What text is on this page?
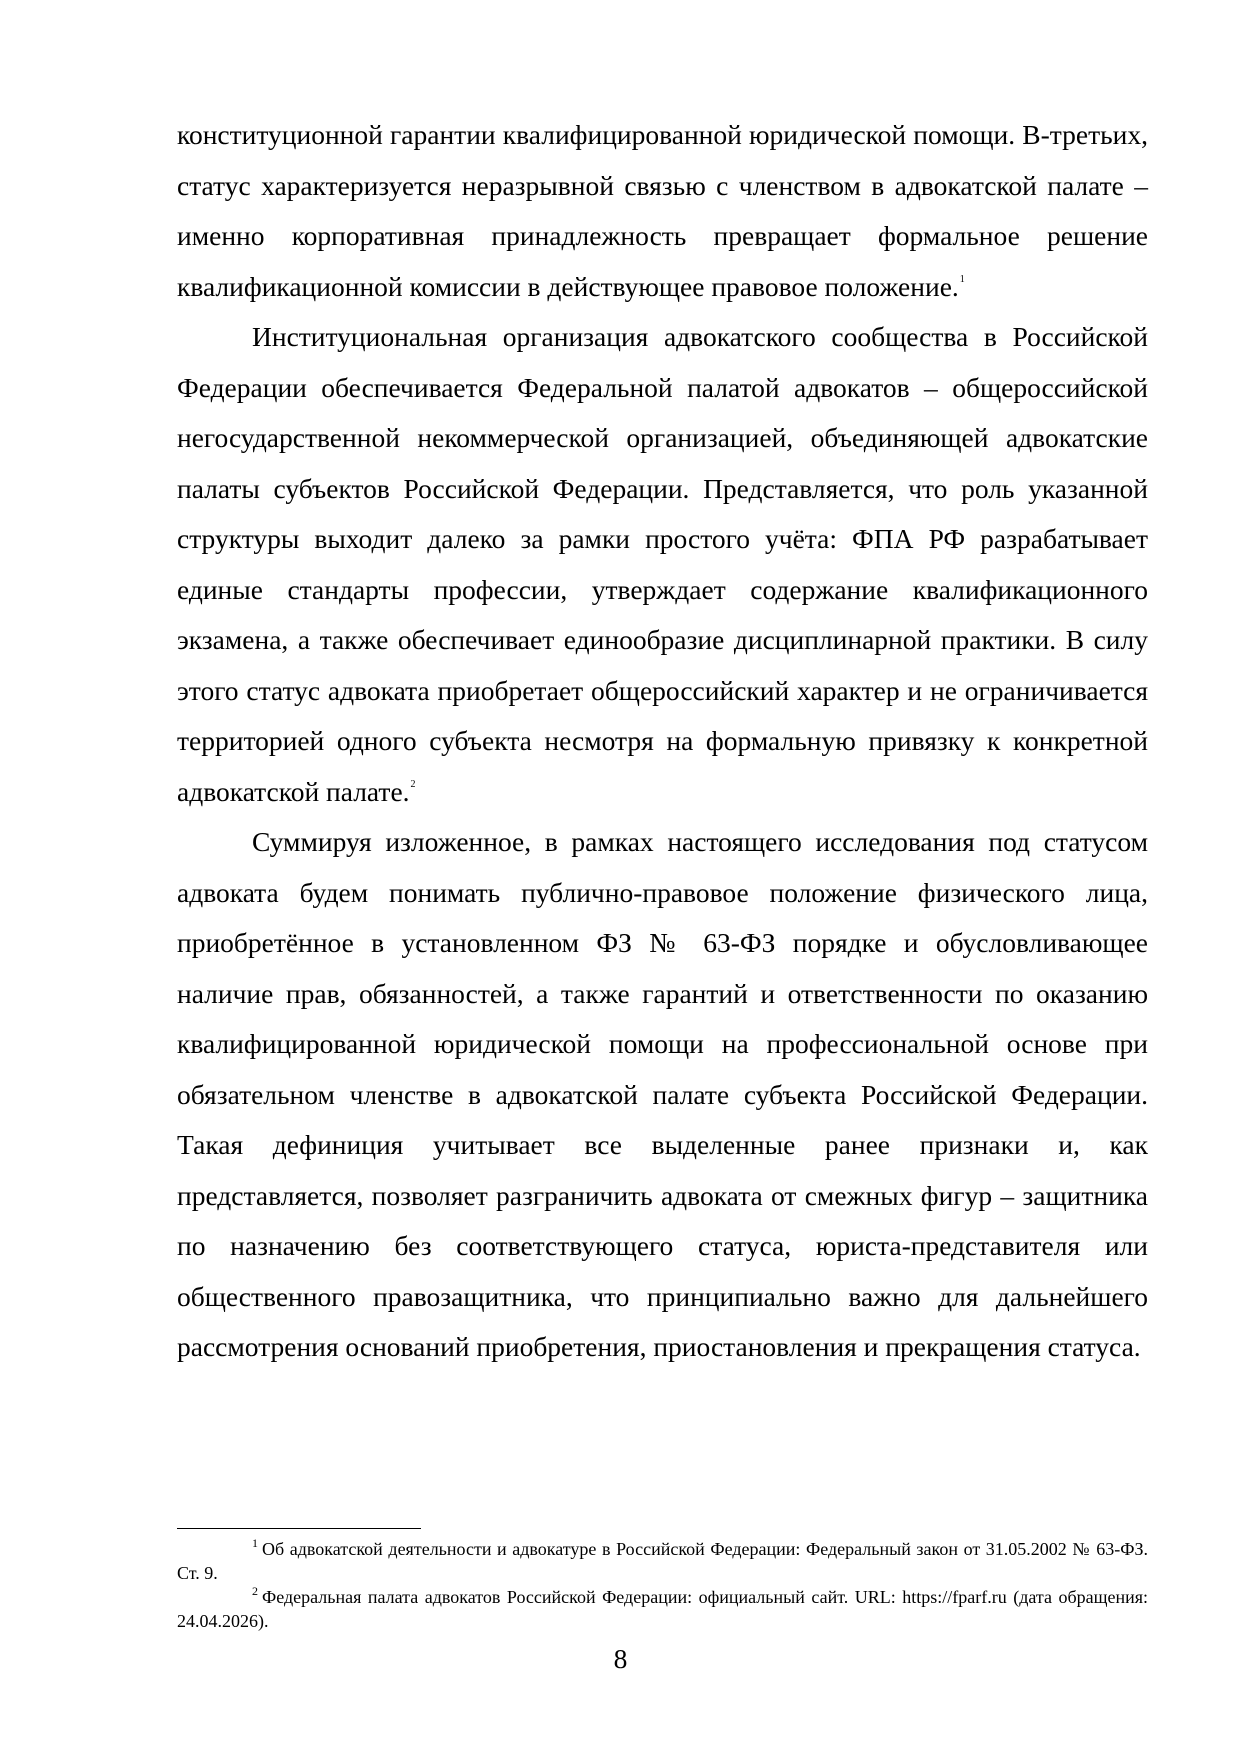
конституционной гарантии квалифицированной юридической помощи. В-третьих, статус характеризуется неразрывной связью с членством в адвокатской палате – именно корпоративная принадлежность превращает формальное решение квалификационной комиссии в действующее правовое положение.$^1$

Институциональная организация адвокатского сообщества в Российской Федерации обеспечивается Федеральной палатой адвокатов – общероссийской негосударственной некоммерческой организацией, объединяющей адвокатские палаты субъектов Российской Федерации. Представляется, что роль указанной структуры выходит далеко за рамки простого учёта: ФПА РФ разрабатывает единые стандарты профессии, утверждает содержание квалификационного экзамена, а также обеспечивает единообразие дисциплинарной практики. В силу этого статус адвоката приобретает общероссийский характер и не ограничивается территорией одного субъекта несмотря на формальную привязку к конкретной адвокатской палате.$^2$

Суммируя изложенное, в рамках настоящего исследования под статусом адвоката будем понимать публично-правовое положение физического лица, приобретённое в установленном ФЗ № 63-ФЗ порядке и обусловливающее наличие прав, обязанностей, а также гарантий и ответственности по оказанию квалифицированной юридической помощи на профессиональной основе при обязательном членстве в адвокатской палате субъекта Российской Федерации. Такая дефиниция учитывает все выделенные ранее признаки и, как представляется, позволяет разграничить адвоката от смежных фигур – защитника по назначению без соответствующего статуса, юриста-представителя или общественного правозащитника, что принципиально важно для дальнейшего рассмотрения оснований приобретения, приостановления и прекращения статуса.

$^1$ Об адвокатской деятельности и адвокатуре в Российской Федерации: Федеральный закон от 31.05.2002 № 63-ФЗ. Ст. 9.

$^2$ Федеральная палата адвокатов Российской Федерации: официальный сайт. URL: https://fparf.ru (дата обращения: 24.04.2026).

8
